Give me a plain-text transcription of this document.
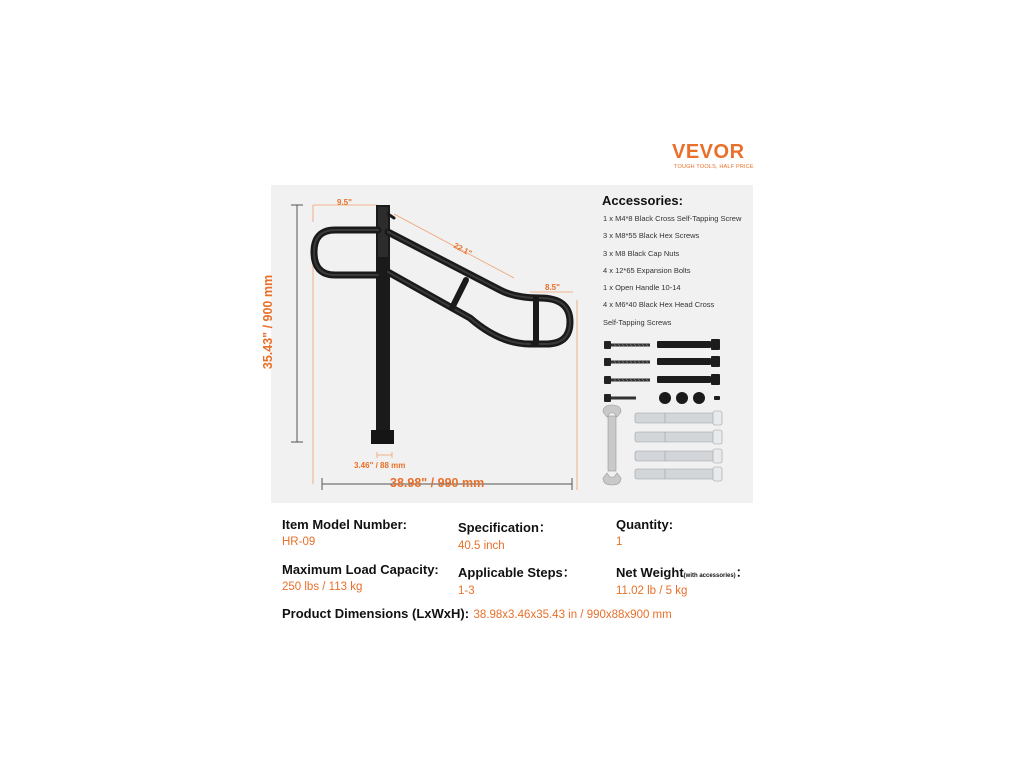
VEVOR
TOUGH TOOLS, HALF PRICE
9.5"
22.1"
8.5"
35.43" / 900 mm
3.46" / 88 mm
38.98" / 990 mm
Accessories:
1 x M4*8 Black Cross Self-Tapping Screw
3 x M8*55 Black Hex Screws
3 x M8 Black Cap Nuts
4 x 12*65 Expansion Bolts
1 x Open Handle 10-14
4 x M6*40 Black Hex Head Cross
Self-Tapping Screws
Item Model Number:
HR-09
Specification：
40.5 inch
Quantity:
1
Maximum Load Capacity:
250 lbs / 113 kg
Applicable Steps：
1-3
Net Weight(with accessories)：
11.02 lb / 5 kg
Product Dimensions (LxWxH): 38.98x3.46x35.43 in / 990x88x900 mm
